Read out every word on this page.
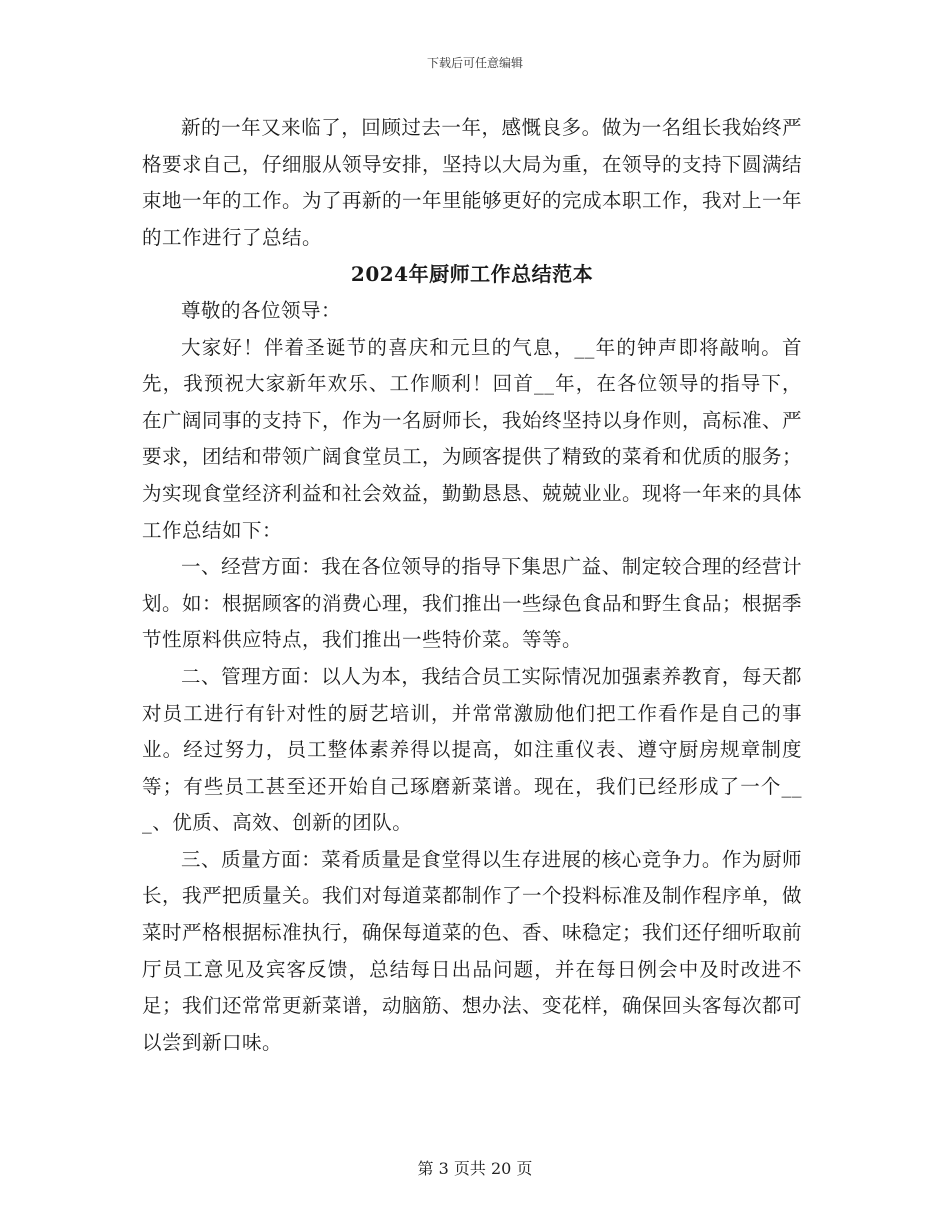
下载后可任意编辑

新的一年又来临了，回顾过去一年，感慨良多。做为一名组长我始终严格要求自己，仔细服从领导安排，坚持以大局为重，在领导的支持下圆满结束地一年的工作。为了再新的一年里能够更好的完成本职工作，我对上一年的工作进行了总结。

2024年厨师工作总结范本

尊敬的各位领导：

大家好！伴着圣诞节的喜庆和元旦的气息，__年的钟声即将敲响。首先，我预祝大家新年欢乐、工作顺利！回首__年，在各位领导的指导下，在广阔同事的支持下，作为一名厨师长，我始终坚持以身作则，高标准、严要求，团结和带领广阔食堂员工，为顾客提供了精致的菜肴和优质的服务；为实现食堂经济利益和社会效益，勤勤恳恳、兢兢业业。现将一年来的具体工作总结如下：

一、经营方面：我在各位领导的指导下集思广益、制定较合理的经营计划。如：根据顾客的消费心理，我们推出一些绿色食品和野生食品；根据季节性原料供应特点，我们推出一些特价菜。等等。

二、管理方面：以人为本，我结合员工实际情况加强素养教育，每天都对员工进行有针对性的厨艺培训，并常常激励他们把工作看作是自己的事业。经过努力，员工整体素养得以提高，如注重仪表、遵守厨房规章制度等；有些员工甚至还开始自己琢磨新菜谱。现在，我们已经形成了一个___、优质、高效、创新的团队。

三、质量方面：菜肴质量是食堂得以生存进展的核心竞争力。作为厨师长，我严把质量关。我们对每道菜都制作了一个投料标准及制作程序单，做菜时严格根据标准执行，确保每道菜的色、香、味稳定；我们还仔细听取前厅员工意见及宾客反馈，总结每日出品问题，并在每日例会中及时改进不足；我们还常常更新菜谱，动脑筋、想办法、变花样，确保回头客每次都可以尝到新口味。

第 3 页共 20 页
